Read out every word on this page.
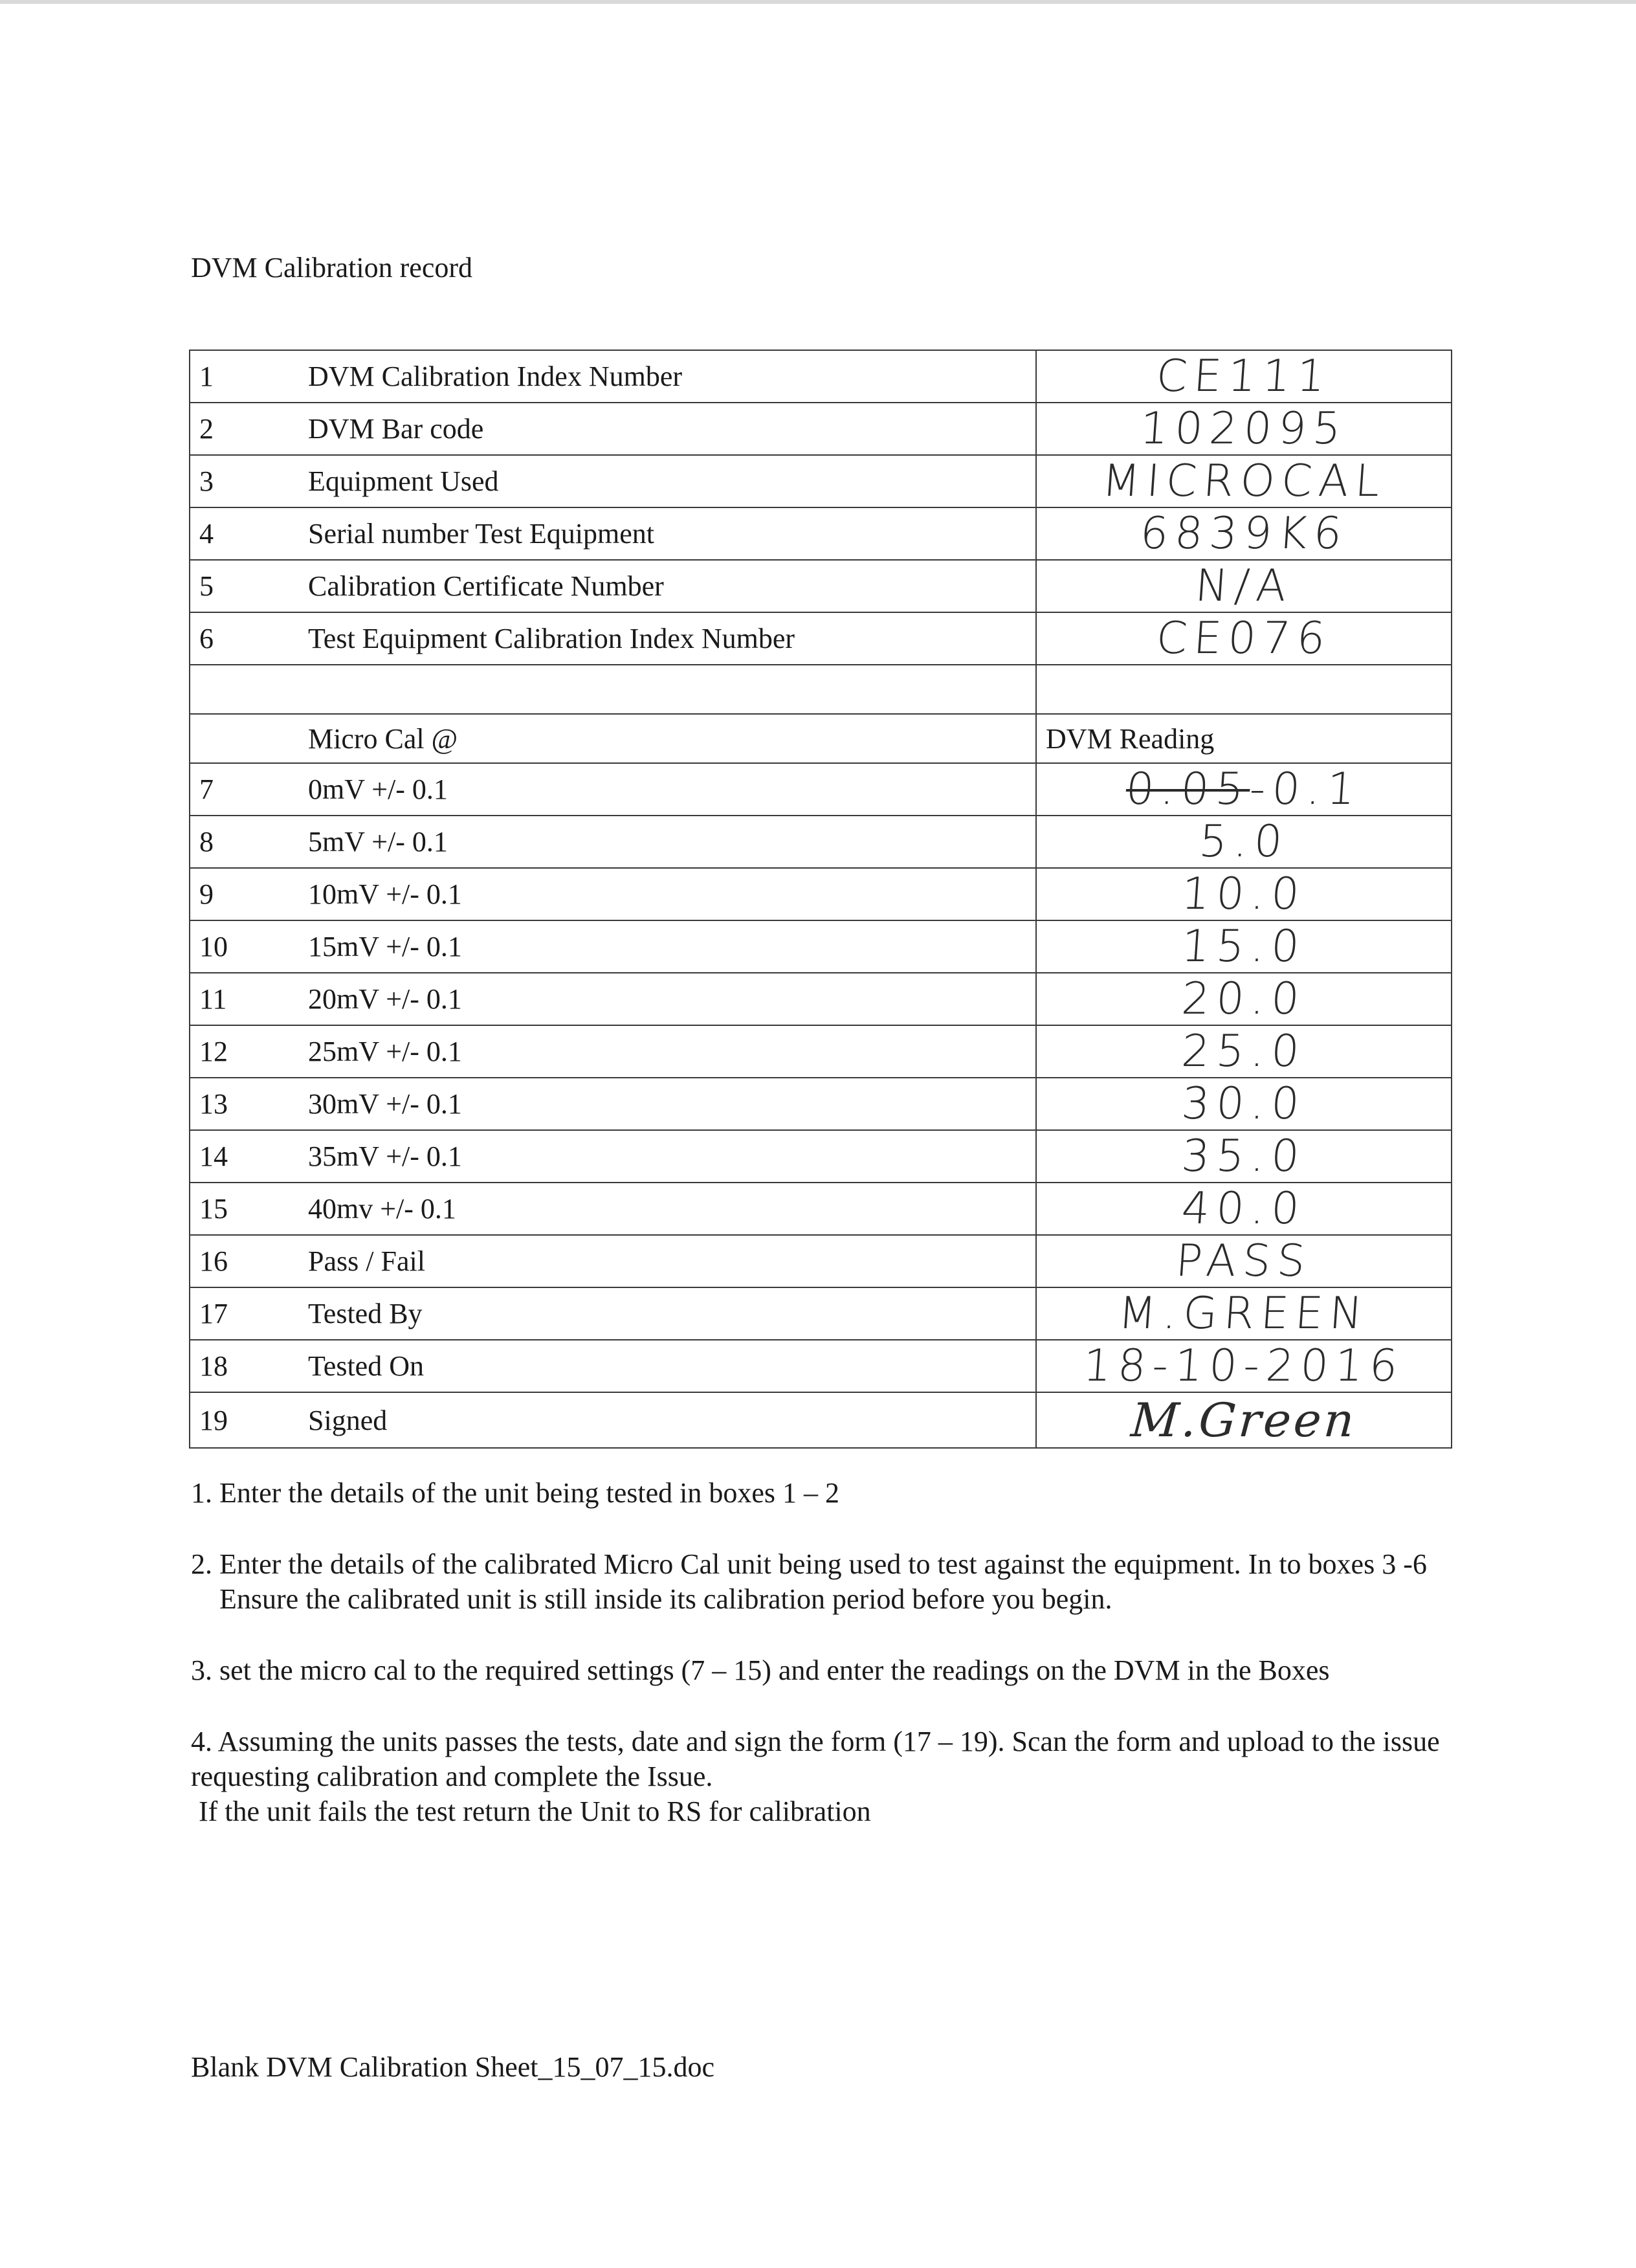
DVM Calibration record
1	DVM Calibration Index Number	CE111
2	DVM Bar code	102095
3	Equipment Used	MICROCAL
4	Serial number Test Equipment	6839K6
5	Calibration Certificate Number	N/A
6	Test Equipment Calibration Index Number	CE076

	Micro Cal @	DVM Reading
7	0mV +/- 0.1	0.05-0.1
8	5mV +/- 0.1	5.0
9	10mV +/- 0.1	10.0
10	15mV +/- 0.1	15.0
11	20mV +/- 0.1	20.0
12	25mV +/- 0.1	25.0
13	30mV +/- 0.1	30.0
14	35mV +/- 0.1	35.0
15	40mv +/- 0.1	40.0
16	Pass / Fail	PASS
17	Tested By	M.GREEN
18	Tested On	18-10-2016
19	Signed	M.Green

1. Enter the details of the unit being tested in boxes 1 – 2

2. Enter the details of the calibrated Micro Cal unit being used to test against the equipment. In to boxes 3 -6
Ensure the calibrated unit is still inside its calibration period before you begin.

3. set the micro cal to the required settings (7 – 15) and enter the readings on the DVM in the Boxes

4. Assuming the units passes the tests, date and sign the form (17 – 19). Scan the form and upload to the issue requesting calibration and complete the Issue.
If the unit fails the test return the Unit to RS for calibration

Blank DVM Calibration Sheet_15_07_15.doc
